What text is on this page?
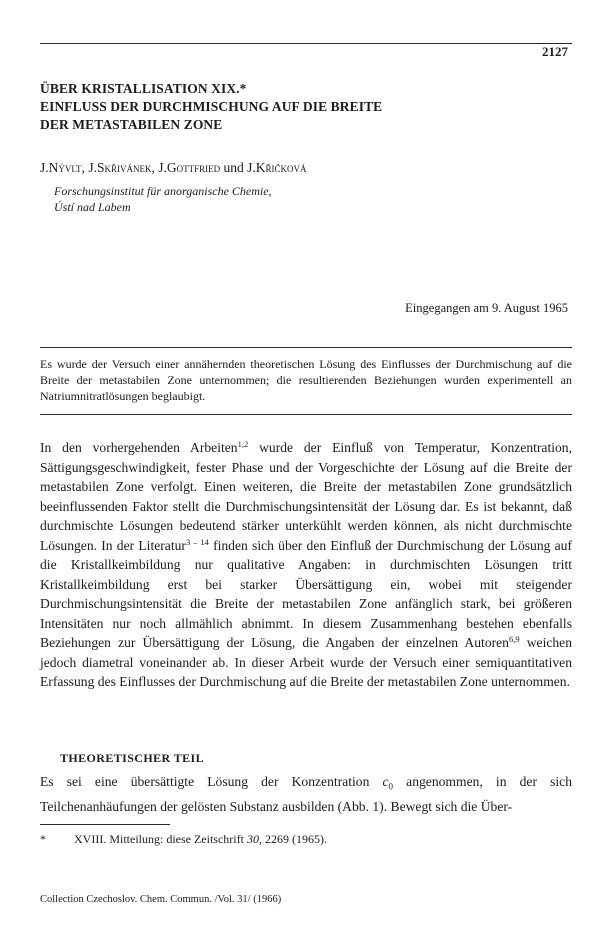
2127
ÜBER KRISTALLISATION XIX.*
EINFLUSS DER DURCHMISCHUNG AUF DIE BREITE
DER METASTABILEN ZONE
J.Nývlt, J.Skřivánek, J.Gottfried und J.Křičková
Forschungsinstitut für anorganische Chemie,
Ústí nad Labem
Eingegangen am 9. August 1965
Es wurde der Versuch einer annähernden theoretischen Lösung des Einflusses der Durchmischung auf die Breite der metastabilen Zone unternommen; die resultierenden Beziehungen wurden experimentell an Natriumnitratlösungen beglaubigt.

In den vorhergehenden Arbeiten$^{1,2}$ wurde der Einfluß von Temperatur, Konzentration, Sättigungsgeschwindigkeit, fester Phase und der Vorgeschichte der Lösung auf die Breite der metastabilen Zone verfolgt. Einen weiteren, die Breite der metastabilen Zone grundsätzlich beeinflussenden Faktor stellt die Durchmischungsintensität der Lösung dar. Es ist bekannt, daß durchmischte Lösungen bedeutend stärker unterkühlt werden können, als nicht durchmischte Lösungen. In der Literatur$^{3 - 14}$ finden sich über den Einfluß der Durchmischung der Lösung auf die Kristallkeimbildung nur qualitative Angaben: in durchmischten Lösungen tritt Kristallkeimbildung erst bei starker Übersättigung ein, wobei mit steigender Durchmischungsintensität die Breite der metastabilen Zone anfänglich stark, bei größeren Intensitäten nur noch allmählich abnimmt. In diesem Zusammenhang bestehen ebenfalls Beziehungen zur Übersättigung der Lösung, die Angaben der einzelnen Autoren$^{6,9}$ weichen jedoch diametral voneinander ab. In dieser Arbeit wurde der Versuch einer semiquantitativen Erfassung des Einflusses der Durchmischung auf die Breite der metastabilen Zone unternommen.

THEORETISCHER TEIL

Es sei eine übersättigte Lösung der Konzentration $c_0$ angenommen, in der sich Teilchenanhäufungen der gelösten Substanz ausbilden (Abb. 1). Bewegt sich die Über-

* XVIII. Mitteilung: diese Zeitschrift 30, 2269 (1965).
Collection Czechoslov. Chem. Commun. /Vol. 31/ (1966)
